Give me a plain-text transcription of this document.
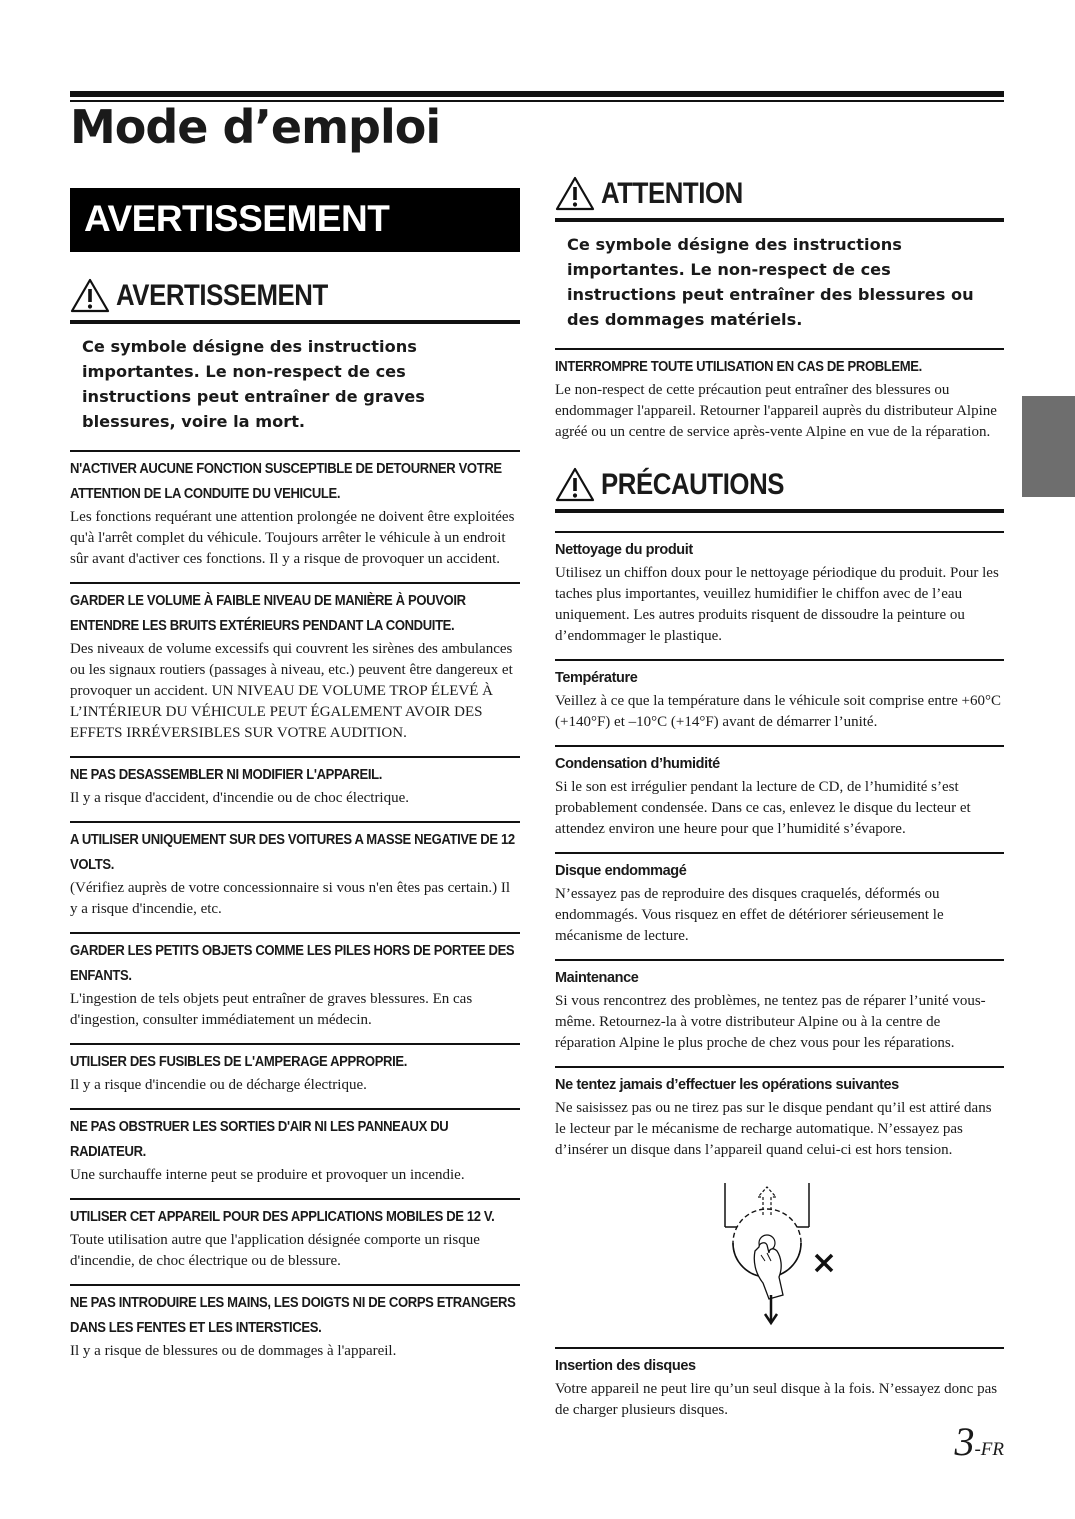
Mode d’emploi
AVERTISSEMENT
AVERTISSEMENT
Ce symbole désigne des instructions importantes. Le non-respect de ces instructions peut entraîner de graves blessures, voire la mort.
N'ACTIVER AUCUNE FONCTION SUSCEPTIBLE DE DETOURNER VOTRE ATTENTION DE LA CONDUITE DU VEHICULE.

Les fonctions requérant une attention prolongée ne doivent être exploitées qu'à l'arrêt complet du véhicule. Toujours arrêter le véhicule à un endroit sûr avant d'activer ces fonctions. Il y a risque de provoquer un accident.

GARDER LE VOLUME À FAIBLE NIVEAU DE MANIÈRE À POUVOIR ENTENDRE LES BRUITS EXTÉRIEURS PENDANT LA CONDUITE.

Des niveaux de volume excessifs qui couvrent les sirènes des ambulances ou les signaux routiers (passages à niveau, etc.) peuvent être dangereux et provoquer un accident. UN NIVEAU DE VOLUME TROP ÉLEVÉ À L’INTÉRIEUR DU VÉHICULE PEUT ÉGALEMENT AVOIR DES EFFETS IRRÉVERSIBLES SUR VOTRE AUDITION.

NE PAS DESASSEMBLER NI MODIFIER L'APPAREIL.

Il y a risque d'accident, d'incendie ou de choc électrique.

A UTILISER UNIQUEMENT SUR DES VOITURES A MASSE NEGATIVE DE 12 VOLTS.

(Vérifiez auprès de votre concessionnaire si vous n'en êtes pas certain.) Il y a risque d'incendie, etc.

GARDER LES PETITS OBJETS COMME LES PILES HORS DE PORTEE DES ENFANTS.

L'ingestion de tels objets peut entraîner de graves blessures. En cas d'ingestion, consulter immédiatement un médecin.

UTILISER DES FUSIBLES DE L'AMPERAGE APPROPRIE.

Il y a risque d'incendie ou de décharge électrique.

NE PAS OBSTRUER LES SORTIES D'AIR NI LES PANNEAUX DU RADIATEUR.

Une surchauffe interne peut se produire et provoquer un incendie.

UTILISER CET APPAREIL POUR DES APPLICATIONS MOBILES DE 12 V.

Toute utilisation autre que l'application désignée comporte un risque d'incendie, de choc électrique ou de blessure.

NE PAS INTRODUIRE LES MAINS, LES DOIGTS NI DE CORPS ETRANGERS DANS LES FENTES ET LES INTERSTICES.

Il y a risque de blessures ou de dommages à l'appareil.

ATTENTION
Ce symbole désigne des instructions importantes. Le non-respect de ces instructions peut entraîner des blessures ou des dommages matériels.
INTERROMPRE TOUTE UTILISATION EN CAS DE PROBLEME.

Le non-respect de cette précaution peut entraîner des blessures ou endommager l'appareil. Retourner l'appareil auprès du distributeur Alpine agréé ou un centre de service après-vente Alpine en vue de la réparation.

PRÉCAUTIONS
Nettoyage du produit

Utilisez un chiffon doux pour le nettoyage périodique du produit. Pour les taches plus importantes, veuillez humidifier le chiffon avec de l’eau uniquement. Les autres produits risquent de dissoudre la peinture ou d’endommager le plastique.

Température

Veillez à ce que la température dans le véhicule soit comprise entre +60°C (+140°F) et –10°C (+14°F) avant de démarrer l’unité.

Condensation d’humidité

Si le son est irrégulier pendant la lecture de CD, de l’humidité s’est probablement condensée. Dans ce cas, enlevez le disque du lecteur et attendez environ une heure pour que l’humidité s’évapore.

Disque endommagé

N’essayez pas de reproduire des disques craquelés, déformés ou endommagés. Vous risquez en effet de détériorer sérieusement le mécanisme de lecture.

Maintenance

Si vous rencontrez des problèmes, ne tentez pas de réparer l’unité vous-même. Retournez-la à votre distributeur Alpine ou à la centre de réparation Alpine le plus proche de chez vous pour les réparations.

Ne tentez jamais d’effectuer les opérations suivantes

Ne saisissez pas ou ne tirez pas sur le disque pendant qu’il est attiré dans le lecteur par le mécanisme de recharge automatique. N’essayez pas d’insérer un disque dans l’appareil quand celui-ci est hors tension.

Insertion des disques

Votre appareil ne peut lire qu’un seul disque à la fois. N’essayez donc pas de charger plusieurs disques.

3-FR
